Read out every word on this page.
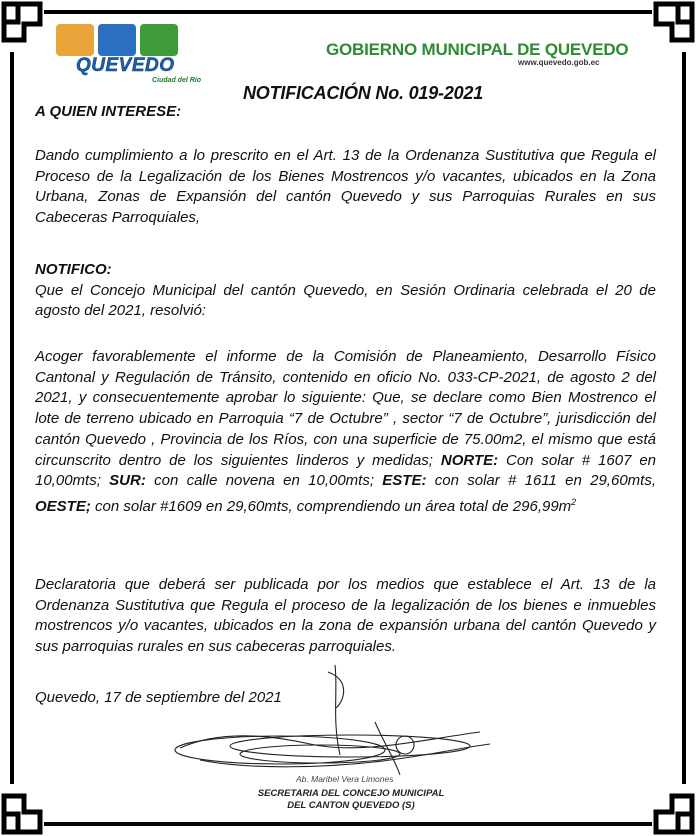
QUEVEDO
Ciudad del Río
GOBIERNO MUNICIPAL DE QUEVEDO
www.quevedo.gob.ec
NOTIFICACIÓN No. 019-2021
A QUIEN INTERESE:

Dando cumplimiento a lo prescrito en el Art. 13 de la Ordenanza Sustitutiva que Regula el Proceso de la Legalización de los Bienes Mostrencos y/o vacantes, ubicados en la Zona Urbana, Zonas de Expansión del cantón Quevedo y sus Parroquias Rurales en sus Cabeceras Parroquiales,

NOTIFICO:

Que el Concejo Municipal del cantón Quevedo, en Sesión Ordinaria celebrada el 20 de agosto del 2021, resolvió:

Acoger favorablemente el informe de la Comisión de Planeamiento, Desarrollo Físico Cantonal y Regulación de Tránsito, contenido en oficio No. 033-CP-2021, de agosto 2 del 2021, y consecuentemente aprobar lo siguiente: Que, se declare como Bien Mostrenco el lote de terreno ubicado en Parroquia “7 de Octubre” , sector “7 de Octubre”, jurisdicción del cantón Quevedo , Provincia de los Ríos, con una superficie de 75.00m2, el mismo que está circunscrito dentro de los siguientes linderos y medidas; NORTE: Con solar # 1607 en 10,00mts; SUR: con calle novena en 10,00mts; ESTE: con solar # 1611 en 29,60mts, OESTE; con solar #1609 en 29,60mts, comprendiendo un área total de $296,99m^2$

Declaratoria que deberá ser publicada por los medios que establece el Art. 13 de la Ordenanza Sustitutiva que Regula el proceso de la legalización de los bienes e inmuebles mostrencos y/o vacantes, ubicados en la zona de expansión urbana del cantón Quevedo y sus parroquias rurales en sus cabeceras parroquiales.

Quevedo, 17 de septiembre del 2021
Ab. Maribel Vera Limones
SECRETARIA DEL CONCEJO MUNICIPAL
DEL CANTON QUEVEDO (S)
